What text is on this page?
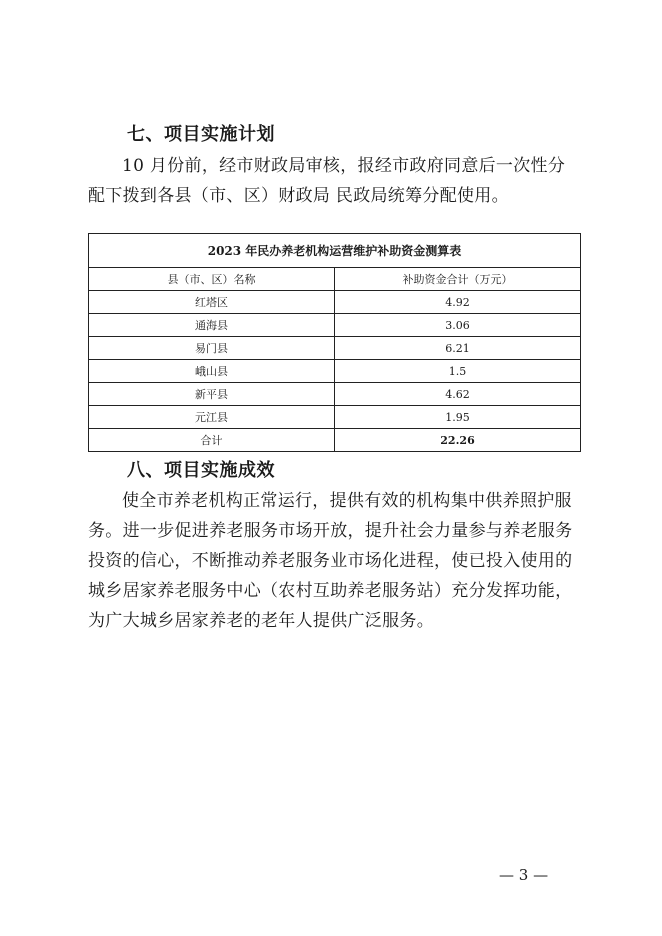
七、项目实施计划

10 月份前，经市财政局审核，报经市政府同意后一次性分
配下拨到各县（市、区）财政局 民政局统筹分配使用。

2023 年民办养老机构运营维护补助资金测算表	
县（市、区）名称	补助资金合计（万元）
红塔区	4.92
通海县	3.06
易门县	6.21
峨山县	1.5
新平县	4.62
元江县	1.95
合计	22.26
八、项目实施成效

使全市养老机构正常运行，提供有效的机构集中供养照护服
务。进一步促进养老服务市场开放，提升社会力量参与养老服务
投资的信心，不断推动养老服务业市场化进程，使已投入使用的
城乡居家养老服务中心（农村互助养老服务站）充分发挥功能，
为广大城乡居家养老的老年人提供广泛服务。

— 3 —
